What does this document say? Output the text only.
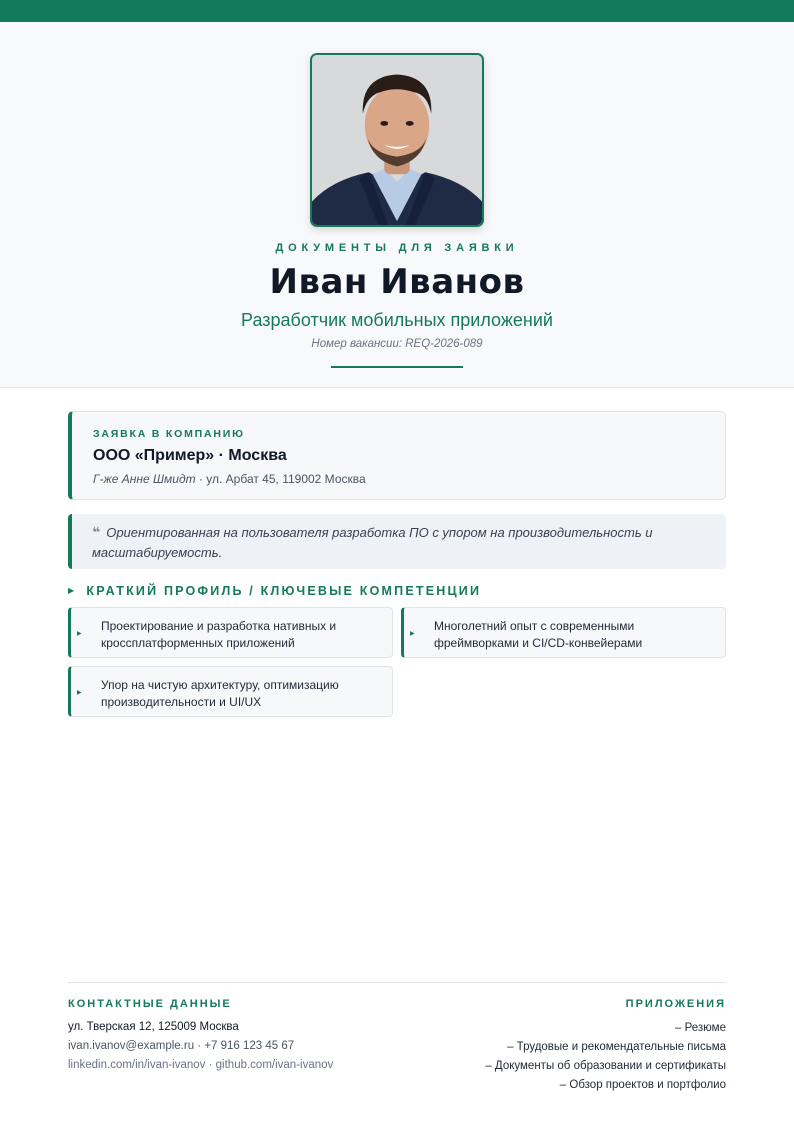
ДОКУМЕНТЫ ДЛЯ ЗАЯВКИ
Иван Иванов
Разработчик мобильных приложений
Номер вакансии: REQ-2026-089
ЗАЯВКА В КОМПАНИЮ
ООО «Пример» · Москва
Г-же Анне Шмидт · ул. Арбат 45, 119002 Москва
❝ Ориентированная на пользователя разработка ПО с упором на производительность и масштабируемость.
▶ КРАТКИЙ ПРОФИЛЬ / КЛЮЧЕВЫЕ КОМПЕТЕНЦИИ
▶
Проектирование и разработка нативных и кроссплатформенных приложений
▶
Многолетний опыт с современными фреймворками и CI/CD-конвейерами
▶
Упор на чистую архитектуру, оптимизацию производительности и UI/UX
КОНТАКТНЫЕ ДАННЫЕ
ул. Тверская 12, 125009 Москва
ivan.ivanov@example.ru · +7 916 123 45 67
linkedin.com/in/ivan-ivanov · github.com/ivan-ivanov
ПРИЛОЖЕНИЯ
– Резюме
– Трудовые и рекомендательные письма
– Документы об образовании и сертификаты
– Обзор проектов и портфолио
